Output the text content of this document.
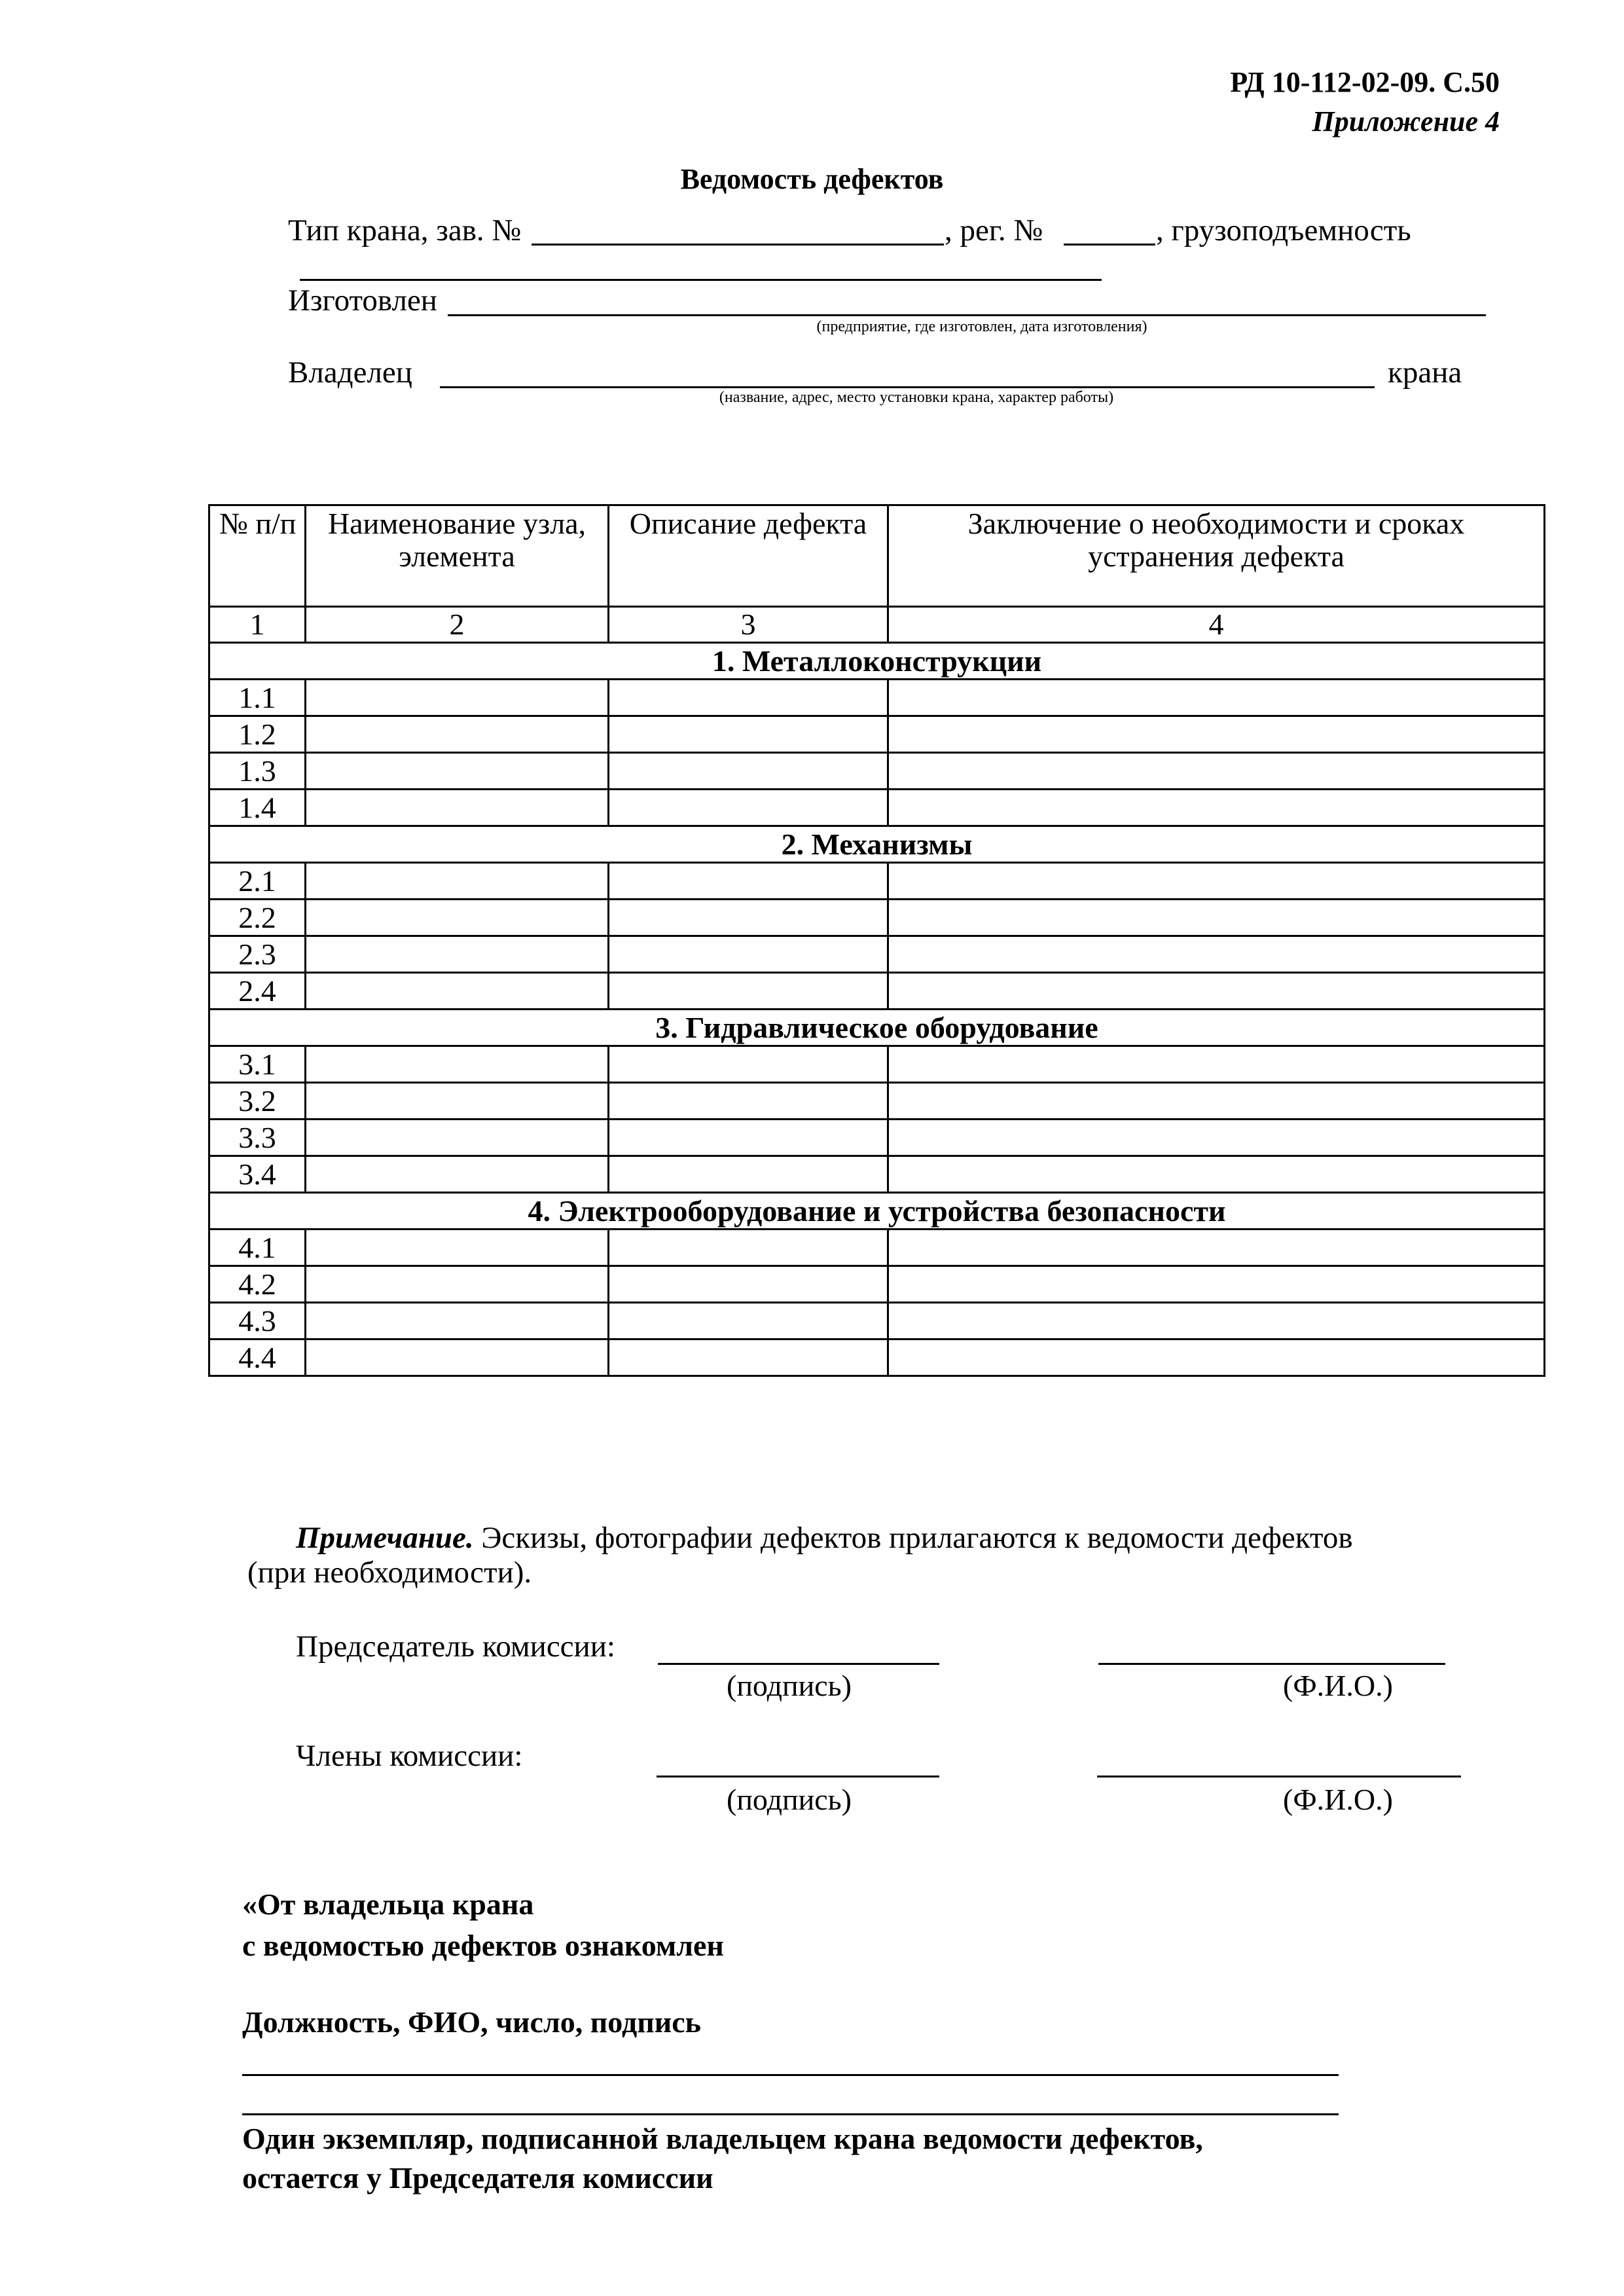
РД 10-112-02-09. С.50
Приложение 4
Ведомость дефектов
Тип крана, зав. №	, рег. №	, грузоподъемность
Изготовлен
(предприятие, где изготовлен, дата изготовления)
Владелец	крана
(название, адрес, место установки крана, характер работы)
№ п/п	Наименование узла, элемента	Описание дефекта	Заключение о необходимости и сроках устранения дефекта
1	2	3	4
1. Металлоконструкции			
1.1			
1.2			
1.3			
1.4			
2. Механизмы			
2.1			
2.2			
2.3			
2.4			
3. Гидравлическое оборудование			
3.1			
3.2			
3.3			
3.4			
4. Электрооборудование и устройства безопасности			
4.1			
4.2			
4.3			
4.4			
Примечание. Эскизы, фотографии дефектов прилагаются к ведомости дефектов
(при необходимости).
Председатель комиссии:
(подпись)	(Ф.И.О.)
Члены комиссии:
(подпись)	(Ф.И.О.)
«От владельца крана
с ведомостью дефектов ознакомлен
Должность, ФИО, число, подпись
Один экземпляр, подписанной владельцем крана ведомости дефектов,
остается у Председателя комиссии
